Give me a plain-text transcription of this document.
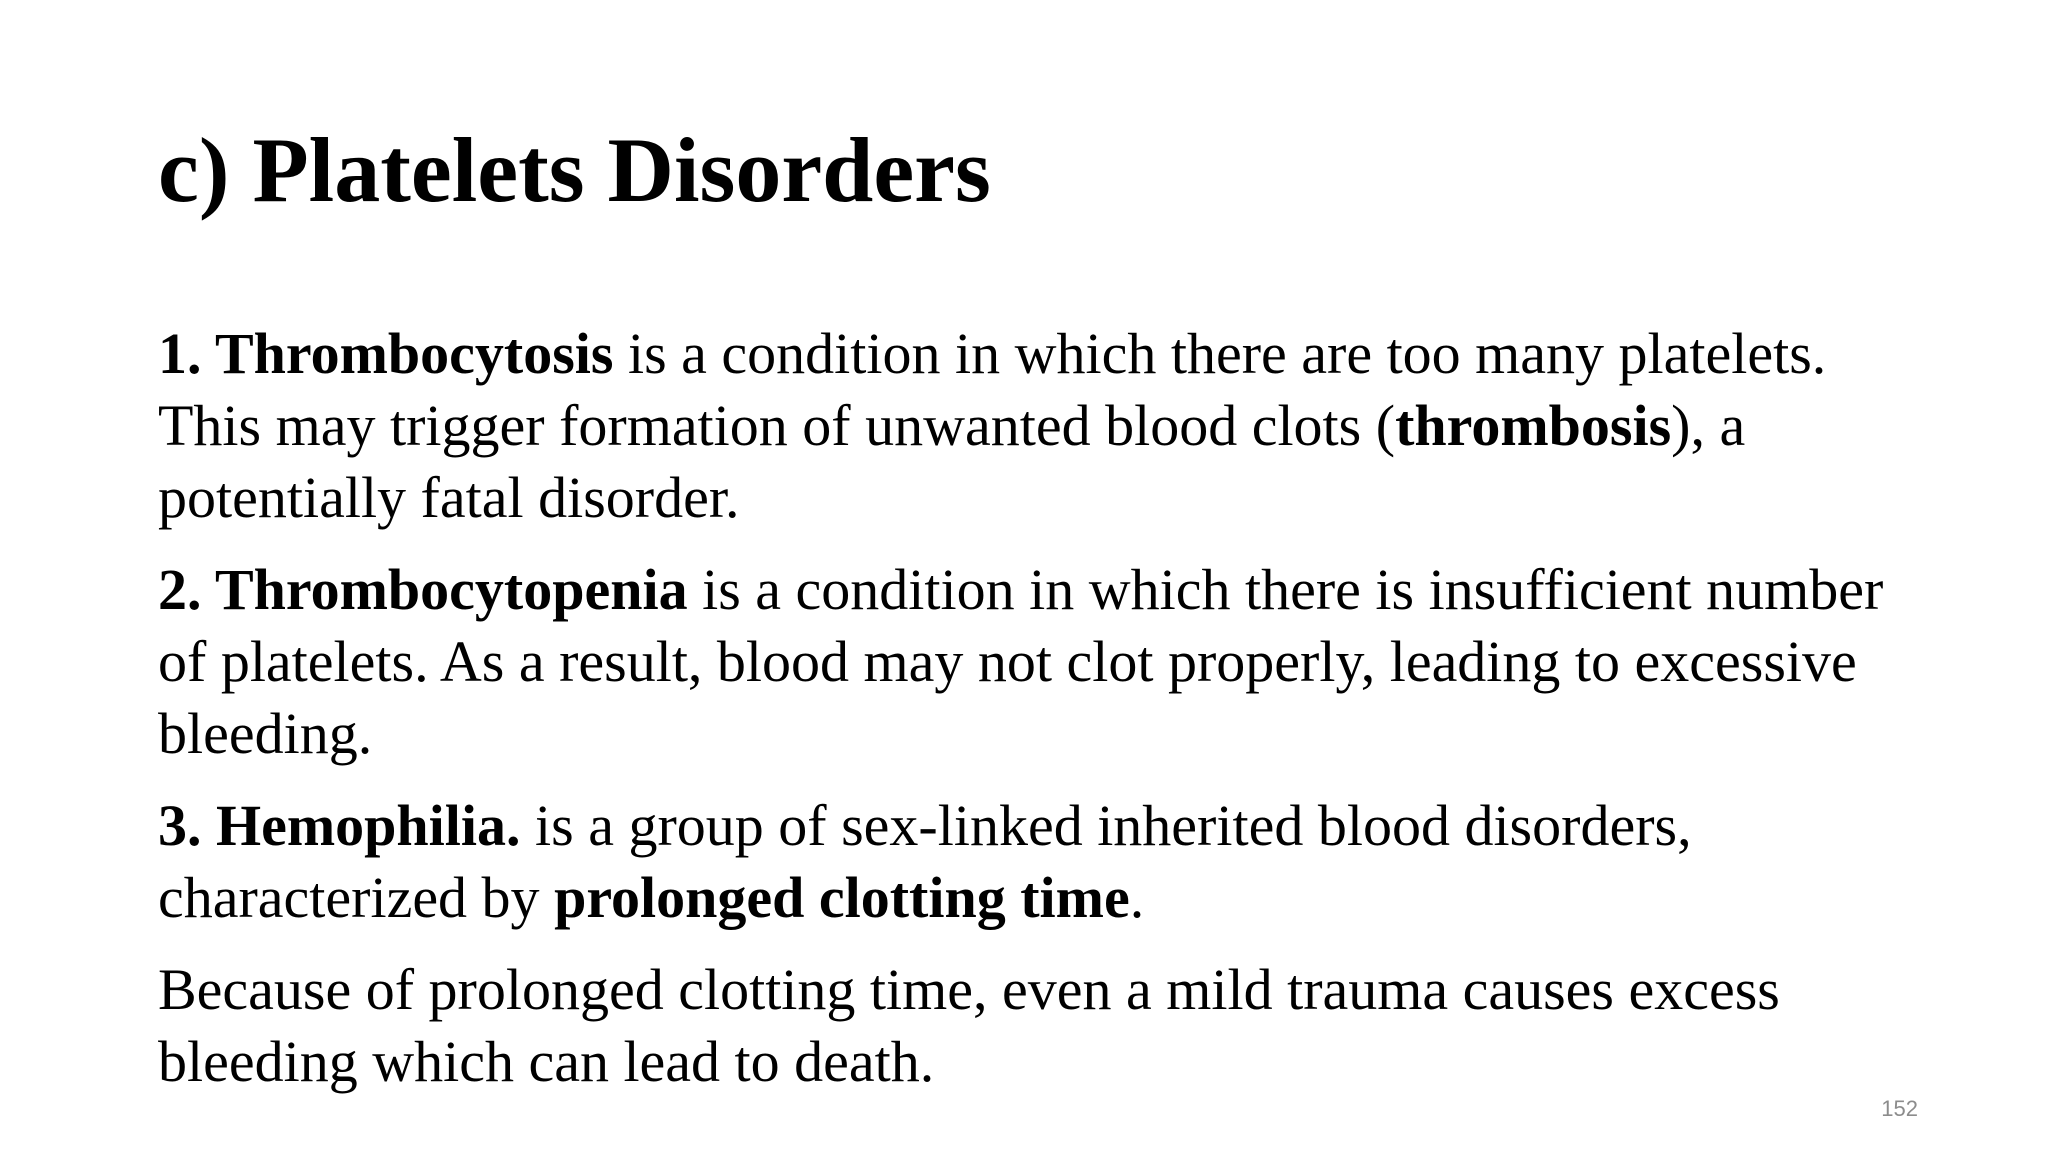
c) Platelets Disorders

1. Thrombocytosis is a condition in which there are too many platelets. This may trigger formation of unwanted blood clots (thrombosis), a potentially fatal disorder.

2. Thrombocytopenia is a condition in which there is insufficient number of platelets. As a result, blood may not clot properly, leading to excessive bleeding.

3. Hemophilia. is a group of sex-linked inherited blood disorders, characterized by prolonged clotting time.

Because of prolonged clotting time, even a mild trauma causes excess bleeding which can lead to death.

152
